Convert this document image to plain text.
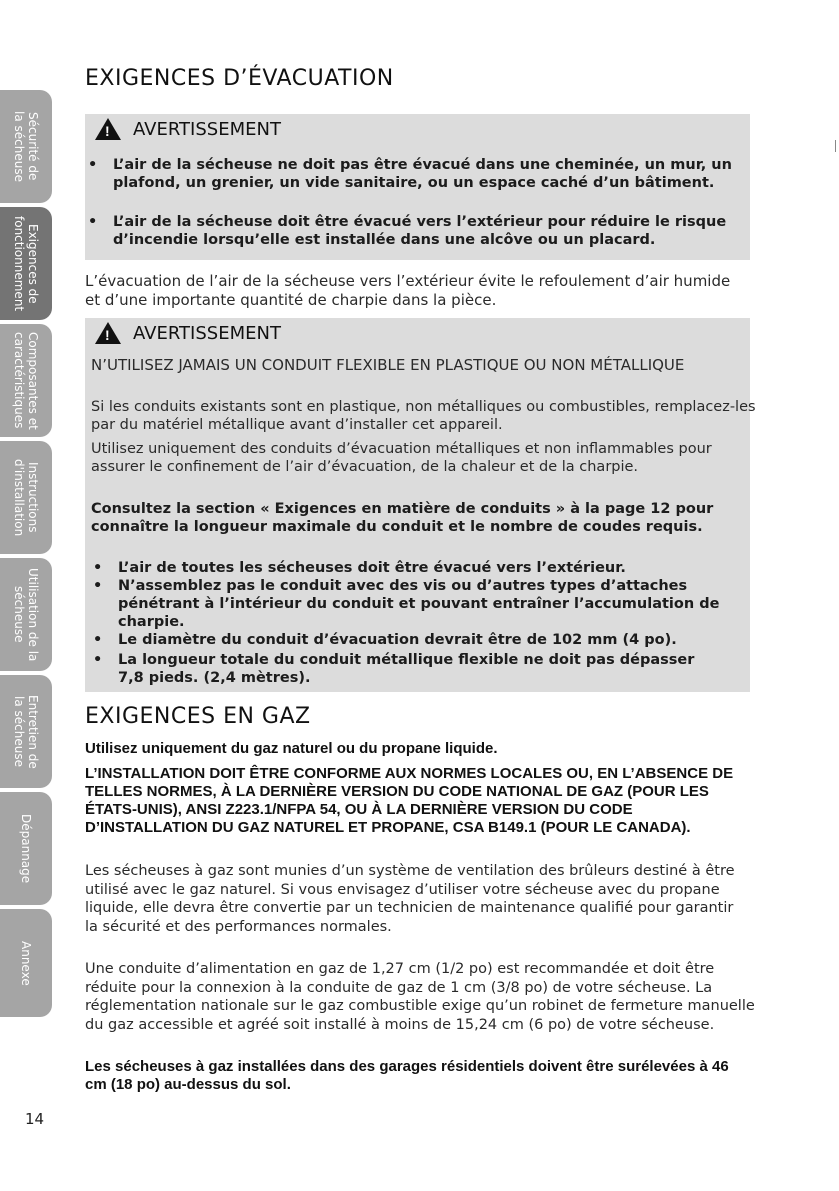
Sécurité de
la sécheuse
Exigences de
fonctionnement
Composantes et
caractéristiques
Instructions
d'installation
Utilisation de la
sécheuse
Entretien de
la sécheuse
Dépannage
Annexe
EXIGENCES D’ÉVACUATION
! AVERTISSEMENT
• L’air de la sécheuse ne doit pas être évacué dans une cheminée, un mur, un plafond, un grenier, un vide sanitaire, ou un espace caché d’un bâtiment.
• L’air de la sécheuse doit être évacué vers l’extérieur pour réduire le risque d’incendie lorsqu’elle est installée dans une alcôve ou un placard.
L’évacuation de l’air de la sécheuse vers l’extérieur évite le refoulement d’air humide et d’une importante quantité de charpie dans la pièce.
! AVERTISSEMENT
N’UTILISEZ JAMAIS UN CONDUIT FLEXIBLE EN PLASTIQUE OU NON MÉTALLIQUE
Si les conduits existants sont en plastique, non métalliques ou combustibles, remplacez-les par du matériel métallique avant d’installer cet appareil.
Utilisez uniquement des conduits d’évacuation métalliques et non inflammables pour assurer le confinement de l’air d’évacuation, de la chaleur et de la charpie.
Consultez la section « Exigences en matière de conduits » à la page 12 pour connaître la longueur maximale du conduit et le nombre de coudes requis.
• L’air de toutes les sécheuses doit être évacué vers l’extérieur.
• N’assemblez pas le conduit avec des vis ou d’autres types d’attaches pénétrant à l’intérieur du conduit et pouvant entraîner l’accumulation de charpie.
• Le diamètre du conduit d’évacuation devrait être de 102 mm (4 po).
• La longueur totale du conduit métallique flexible ne doit pas dépasser 7,8 pieds. (2,4 mètres).
EXIGENCES EN GAZ
Utilisez uniquement du gaz naturel ou du propane liquide.
L’INSTALLATION DOIT ÊTRE CONFORME AUX NORMES LOCALES OU, EN L’ABSENCE DE TELLES NORMES, À LA DERNIÈRE VERSION DU CODE NATIONAL DE GAZ (POUR LES ÉTATS-UNIS), ANSI Z223.1/NFPA 54, OU À LA DERNIÈRE VERSION DU CODE D’INSTALLATION DU GAZ NATUREL ET PROPANE, CSA B149.1 (POUR LE CANADA).
Les sécheuses à gaz sont munies d’un système de ventilation des brûleurs destiné à être utilisé avec le gaz naturel. Si vous envisagez d’utiliser votre sécheuse avec du propane liquide, elle devra être convertie par un technicien de maintenance qualifié pour garantir la sécurité et des performances normales.
Une conduite d’alimentation en gaz de 1,27 cm (1/2 po) est recommandée et doit être réduite pour la connexion à la conduite de gaz de 1 cm (3/8 po) de votre sécheuse. La réglementation nationale sur le gaz combustible exige qu’un robinet de fermeture manuelle du gaz accessible et agréé soit installé à moins de 15,24 cm (6 po) de votre sécheuse.
Les sécheuses à gaz installées dans des garages résidentiels doivent être surélevées à 46 cm (18 po) au-dessus du sol.
14
